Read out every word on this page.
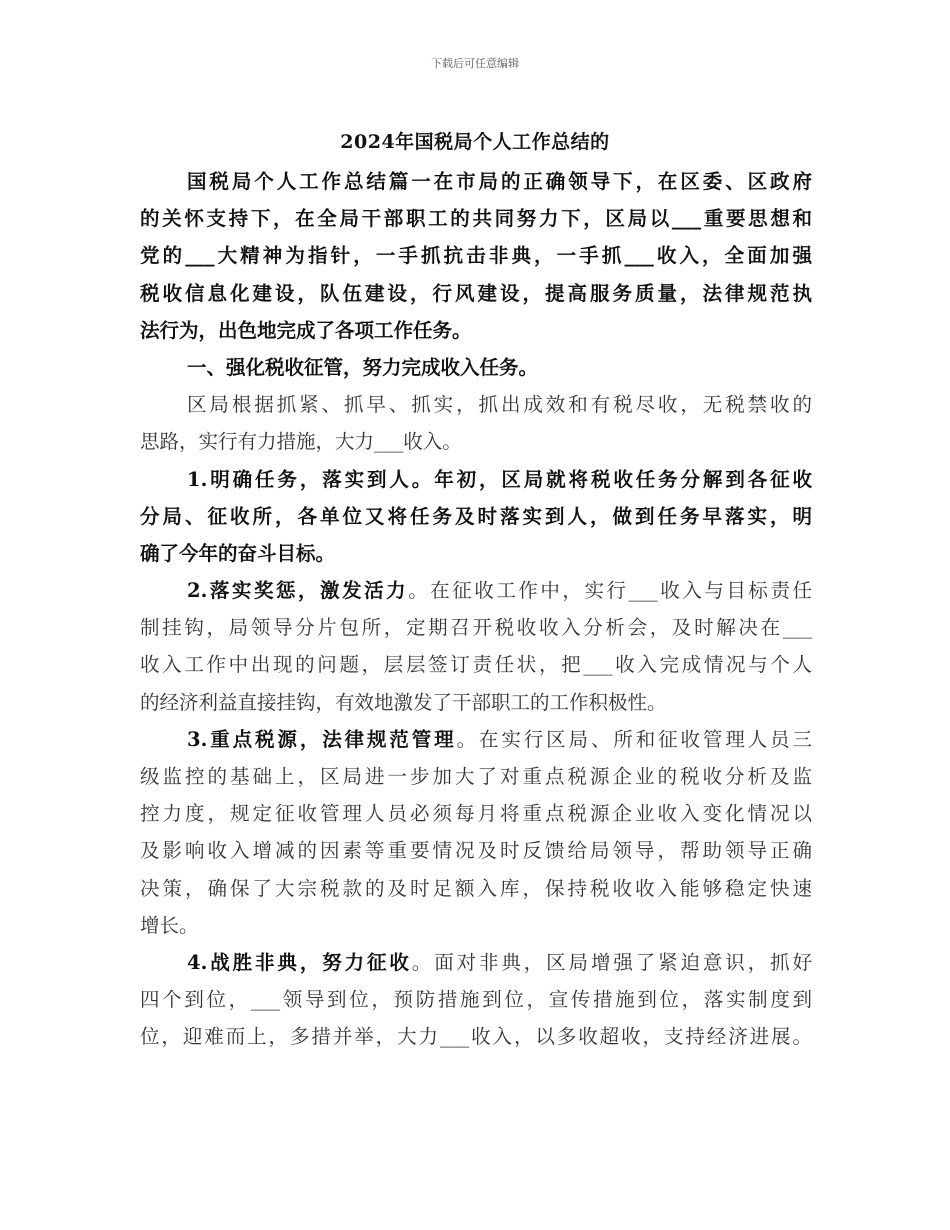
下载后可任意编辑
2024年国税局个人工作总结的
国税局个人工作总结篇一在市局的正确领导下，在区委、区政府
的关怀支持下，在全局干部职工的共同努力下，区局以___重要思想和
党的___大精神为指针，一手抓抗击非典，一手抓___收入，全面加强
税收信息化建设，队伍建设，行风建设，提高服务质量，法律规范执
法行为，出色地完成了各项工作任务。
一、强化税收征管，努力完成收入任务。
区局根据抓紧、抓早、抓实，抓出成效和有税尽收，无税禁收的
思路，实行有力措施，大力___收入。
1.明确任务，落实到人。年初，区局就将税收任务分解到各征收
分局、征收所，各单位又将任务及时落实到人，做到任务早落实，明
确了今年的奋斗目标。
2.落实奖惩，激发活力。在征收工作中，实行___收入与目标责任
制挂钩，局领导分片包所，定期召开税收收入分析会，及时解决在___
收入工作中出现的问题，层层签订责任状，把___收入完成情况与个人
的经济利益直接挂钩，有效地激发了干部职工的工作积极性。
3.重点税源，法律规范管理。在实行区局、所和征收管理人员三
级监控的基础上，区局进一步加大了对重点税源企业的税收分析及监
控力度，规定征收管理人员必须每月将重点税源企业收入变化情况以
及影响收入增减的因素等重要情况及时反馈给局领导，帮助领导正确
决策，确保了大宗税款的及时足额入库，保持税收收入能够稳定快速
增长。
4.战胜非典，努力征收。面对非典，区局增强了紧迫意识，抓好
四个到位，___领导到位，预防措施到位，宣传措施到位，落实制度到
位，迎难而上，多措并举，大力___收入，以多收超收，支持经济进展。
